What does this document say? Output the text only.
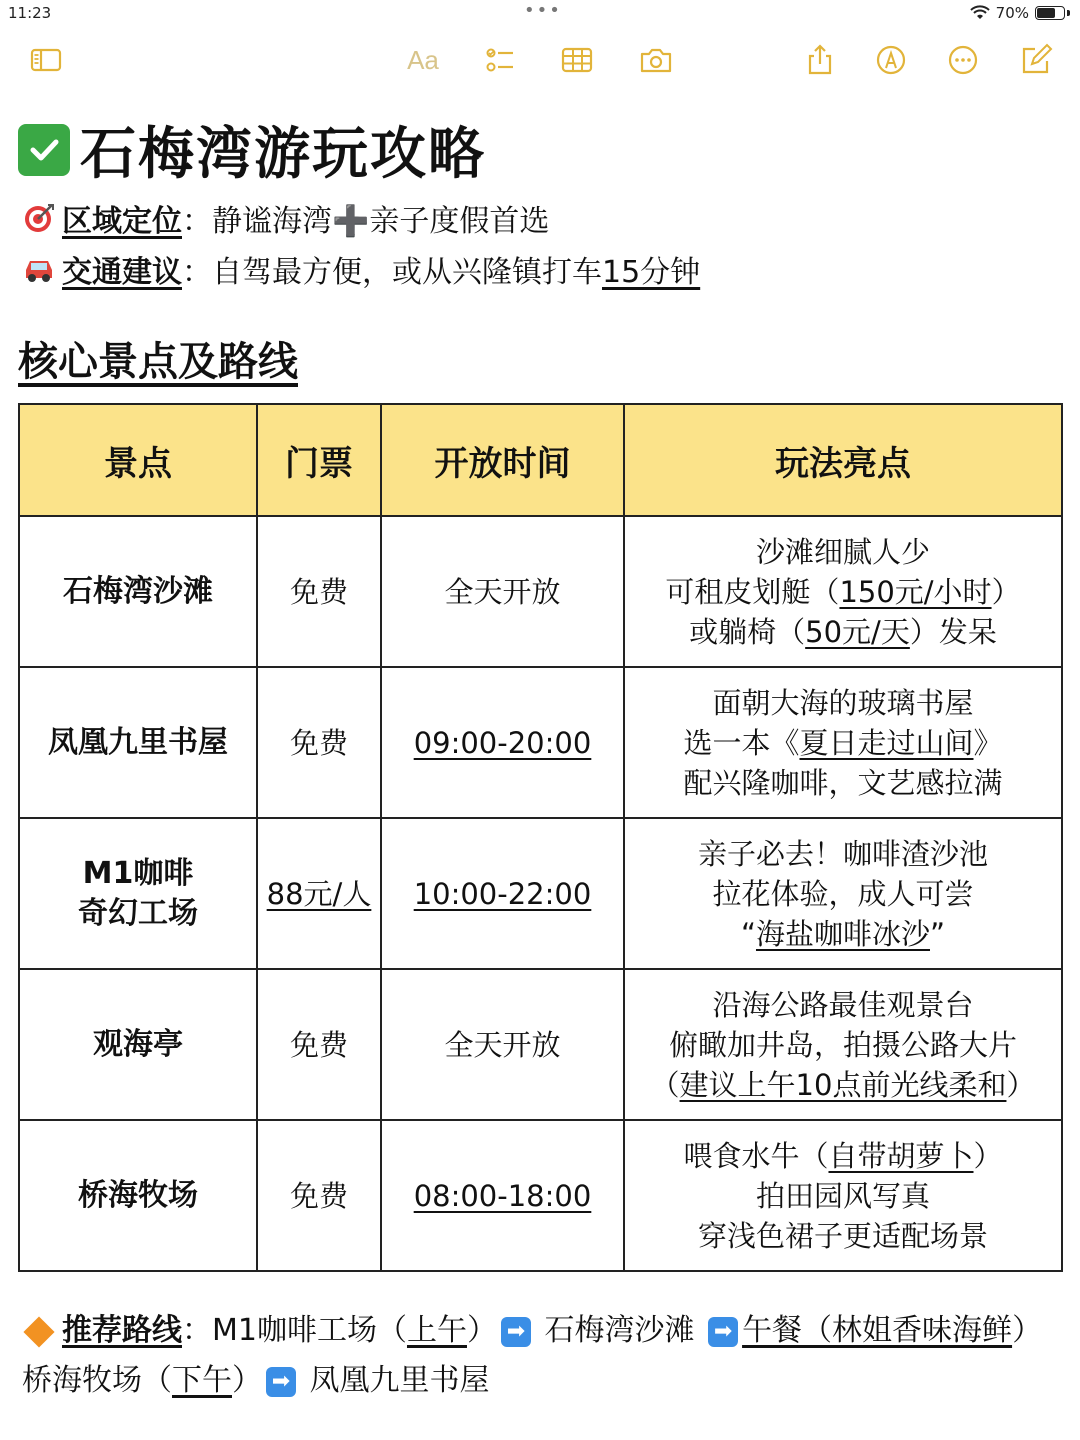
11:23	•••	70%
Aa
石梅湾游玩攻略
区域定位 ： 静谧海湾➕亲子度假首选
交通建议 ： 自驾最方便，或从兴隆镇打车 15分钟
核心景点及路线
景点	门票	开放时间	玩法亮点
石梅湾沙滩	免费	全天开放	沙滩细腻人少
可租皮划艇（150元/小时）
或躺椅（50元/天）发呆
凤凰九里书屋	免费	09:00-20:00	面朝大海的玻璃书屋
选一本《夏日走过山间》
配兴隆咖啡，文艺感拉满
M1咖啡
奇幻工场	88元/人	10:00-22:00	亲子必去！咖啡渣沙池
拉花体验，成人可尝
“海盐咖啡冰沙”
观海亭	免费	全天开放	沿海公路最佳观景台
俯瞰加井岛，拍摄公路大片
（建议上午10点前光线柔和）
桥海牧场	免费	08:00-18:00	喂食水牛（自带胡萝卜）
拍田园风写真
穿浅色裙子更适配场景
推荐路线：M1咖啡工场（上午） ➡ 石梅湾沙滩 ➡ 午餐（林姐香味海鲜）
桥海牧场（下午） ➡ 凤凰九里书屋
